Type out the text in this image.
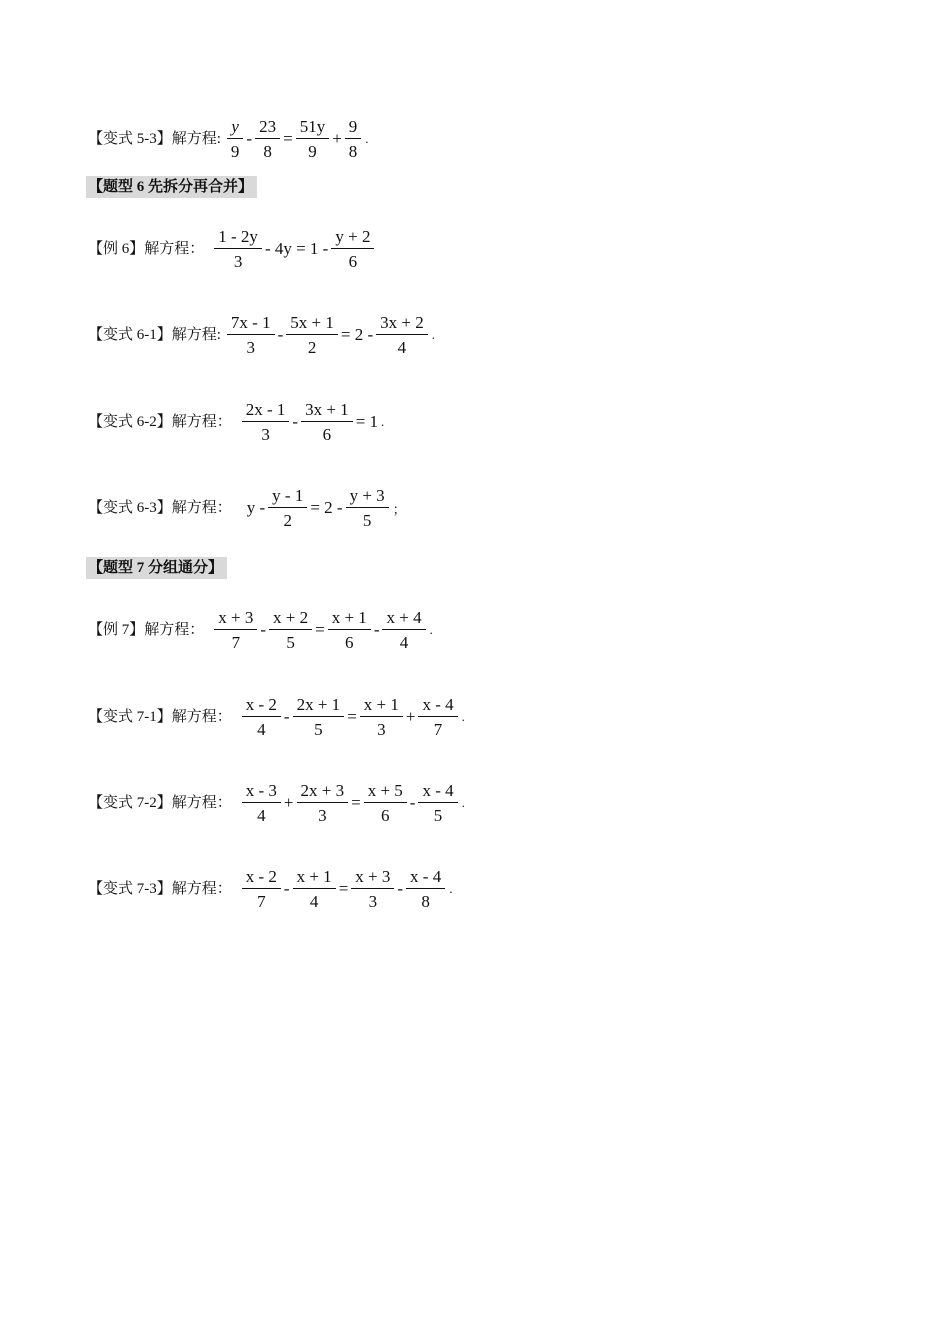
【变式 5-3】解方程: $\frac{y}{9} - \frac{23}{8} = \frac{51y}{9} + \frac{9}{8}$ .
【题型 6 先拆分再合并】
【例 6】解方程： $\frac{1 - 2y}{3} - 4y = 1 - \frac{y + 2}{6}$
【变式 6-1】解方程: $\frac{7x - 1}{3} - \frac{5x + 1}{2} = 2 - \frac{3x + 2}{4}$ .
【变式 6-2】解方程： $\frac{2x - 1}{3} - \frac{3x + 1}{6} = 1$ .
【变式 6-3】解方程： $y - \frac{y - 1}{2} = 2 - \frac{y + 3}{5}$ ；
【题型 7 分组通分】
【例 7】解方程： $\frac{x + 3}{7} - \frac{x + 2}{5} = \frac{x + 1}{6} - \frac{x + 4}{4}$ .
【变式 7-1】解方程： $\frac{x - 2}{4} - \frac{2x + 1}{5} = \frac{x + 1}{3} + \frac{x - 4}{7}$ .
【变式 7-2】解方程： $\frac{x - 3}{4} + \frac{2x + 3}{3} = \frac{x + 5}{6} - \frac{x - 4}{5}$ .
【变式 7-3】解方程： $\frac{x - 2}{7} - \frac{x + 1}{4} = \frac{x + 3}{3} - \frac{x - 4}{8}$ .
